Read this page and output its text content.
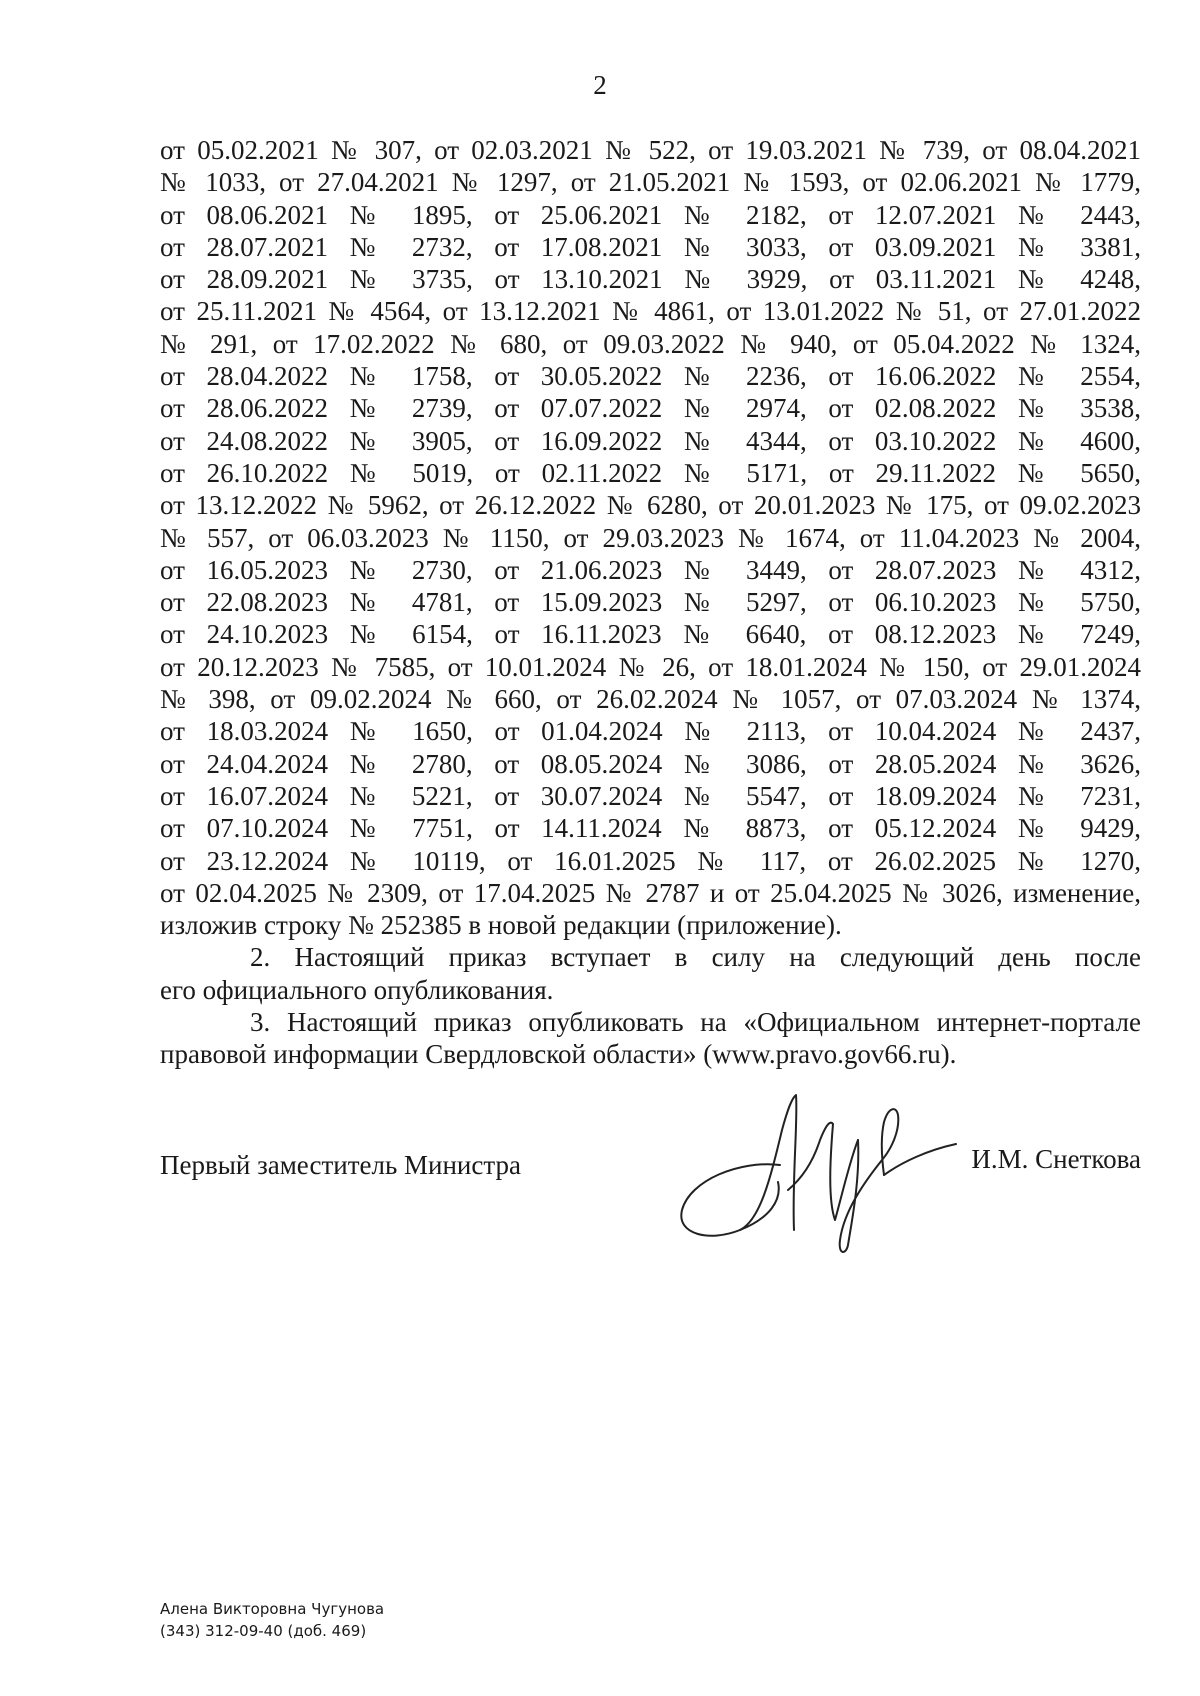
2
от 05.02.2021 № 307, от 02.03.2021 № 522, от 19.03.2021 № 739, от 08.04.2021
№ 1033, от 27.04.2021 № 1297, от 21.05.2021 № 1593, от 02.06.2021 № 1779,
от 08.06.2021 № 1895, от 25.06.2021 № 2182, от 12.07.2021 № 2443,
от 28.07.2021 № 2732, от 17.08.2021 № 3033, от 03.09.2021 № 3381,
от 28.09.2021 № 3735, от 13.10.2021 № 3929, от 03.11.2021 № 4248,
от 25.11.2021 № 4564, от 13.12.2021 № 4861, от 13.01.2022 № 51, от 27.01.2022
№ 291, от 17.02.2022 № 680, от 09.03.2022 № 940, от 05.04.2022 № 1324,
от 28.04.2022 № 1758, от 30.05.2022 № 2236, от 16.06.2022 № 2554,
от 28.06.2022 № 2739, от 07.07.2022 № 2974, от 02.08.2022 № 3538,
от 24.08.2022 № 3905, от 16.09.2022 № 4344, от 03.10.2022 № 4600,
от 26.10.2022 № 5019, от 02.11.2022 № 5171, от 29.11.2022 № 5650,
от 13.12.2022 № 5962, от 26.12.2022 № 6280, от 20.01.2023 № 175, от 09.02.2023
№ 557, от 06.03.2023 № 1150, от 29.03.2023 № 1674, от 11.04.2023 № 2004,
от 16.05.2023 № 2730, от 21.06.2023 № 3449, от 28.07.2023 № 4312,
от 22.08.2023 № 4781, от 15.09.2023 № 5297, от 06.10.2023 № 5750,
от 24.10.2023 № 6154, от 16.11.2023 № 6640, от 08.12.2023 № 7249,
от 20.12.2023 № 7585, от 10.01.2024 № 26, от 18.01.2024 № 150, от 29.01.2024
№ 398, от 09.02.2024 № 660, от 26.02.2024 № 1057, от 07.03.2024 № 1374,
от 18.03.2024 № 1650, от 01.04.2024 № 2113, от 10.04.2024 № 2437,
от 24.04.2024 № 2780, от 08.05.2024 № 3086, от 28.05.2024 № 3626,
от 16.07.2024 № 5221, от 30.07.2024 № 5547, от 18.09.2024 № 7231,
от 07.10.2024 № 7751, от 14.11.2024 № 8873, от 05.12.2024 № 9429,
от 23.12.2024 № 10119, от 16.01.2025 № 117, от 26.02.2025 № 1270,
от 02.04.2025 № 2309, от 17.04.2025 № 2787 и от 25.04.2025 № 3026, изменение,
изложив строку № 252385 в новой редакции (приложение).
2. Настоящий приказ вступает в силу на следующий день после
его официального опубликования.
3. Настоящий приказ опубликовать на «Официальном интернет-портале
правовой информации Свердловской области» (www.pravo.gov66.ru).
Первый заместитель Министра	И.М. Снеткова
Алена Викторовна Чугунова
(343) 312-09-40 (доб. 469)
